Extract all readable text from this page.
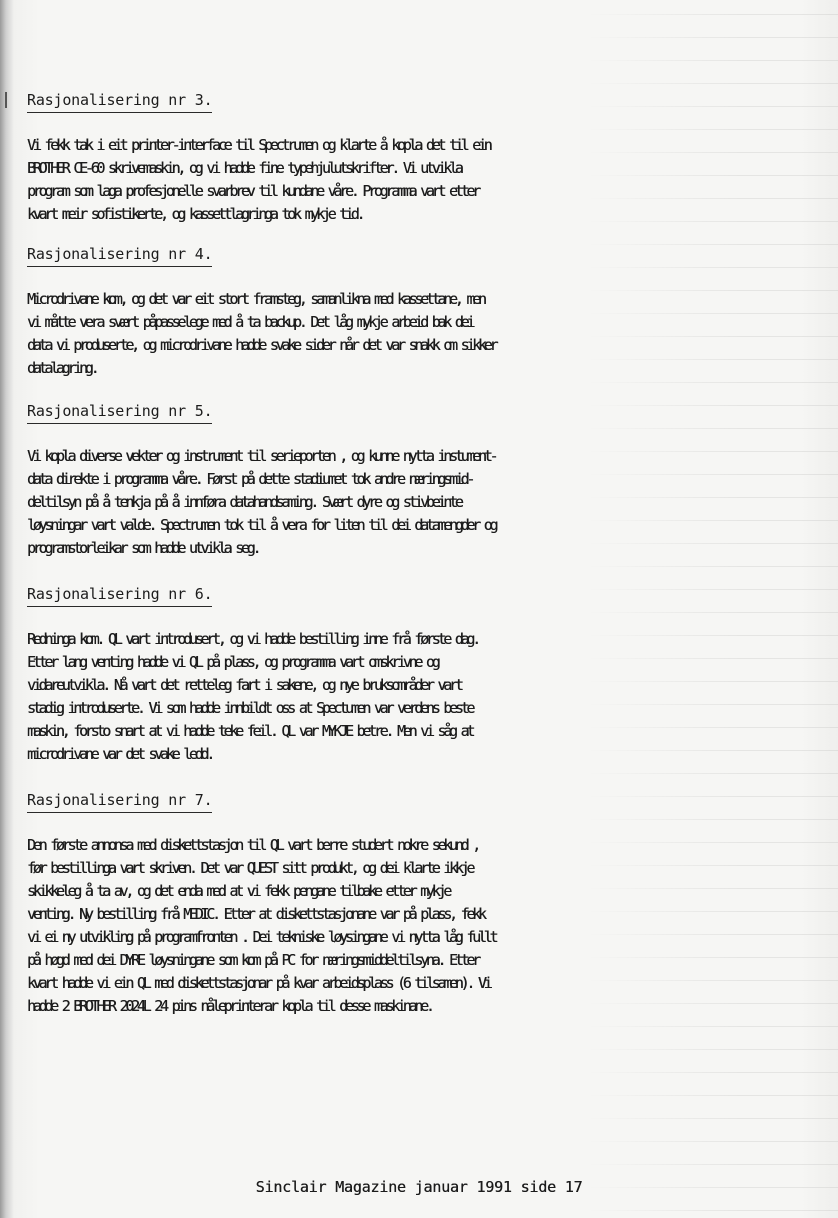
Rasjonalisering nr 3.
Vi fekk tak i eit printer-interface til Spectrumen og klarte å kopla det til ein
BROTHER CE-60 skrivemaskin, og vi hadde fine typehjulutskrifter. Vi utvikla
program som laga profesjonelle svarbrev til kundane våre. Programma vart etter
kvart meir sofistikerte, og kassettlagringa tok mykje tid.
Rasjonalisering nr 4.
Microdrivane kom, og det var eit stort framsteg, samanlikna med kassettane, men
vi måtte vera svært påpasselege med å ta backup. Det låg mykje arbeid bak dei
data vi produserte, og microdrivane hadde svake sider når det var snakk om sikker
datalagring.
Rasjonalisering nr 5.
Vi kopla diverse vekter og instrument til serieporten , og kunne nytta instument-
data direkte i programma våre. Først på dette stadiumet tok andre næringsmid-
deltilsyn på å tenkja på å innføra datahandsaming. Svært dyre og stivbeinte
løysningar vart valde. Spectrumen tok til å vera for liten til dei datamengder og
programstorleikar som hadde utvikla seg.
Rasjonalisering nr 6.
Redninga kom. QL vart introdusert, og vi hadde bestilling inne frå første dag.
Etter lang venting hadde vi QL på plass, og programma vart omskrivne og
vidareutvikla. Nå vart det retteleg fart i sakene, og nye bruksområder vart
stadig introduserte. Vi som hadde innbildt oss at Spectumen var verdens beste
maskin, forsto snart at vi hadde teke feil. QL var MYKJE betre. Men vi såg at
microdrivane var det svake ledd.
Rasjonalisering nr 7.
Den første annonsa med diskettstasjon til QL vart berre studert nokre sekund ,
før bestillinga vart skriven. Det var QUEST sitt produkt, og dei klarte ikkje
skikkeleg å ta av, og det enda med at vi fekk pengane tilbake etter mykje
venting. Ny bestilling frå MEDIC. Etter at diskettstasjonane var på plass, fekk
vi ei ny utvikling på programfronten . Dei tekniske løysingane vi nytta låg fullt
på høgd med dei DYRE løysningane som kom på PC for næringsmiddeltilsyna. Etter
kvart hadde vi ein QL med diskettstasjonar på kvar arbeidsplass (6 tilsamen). Vi
hadde 2 BROTHER 2024L 24 pins nåleprinterar kopla til desse maskinane.
Sinclair Magazine januar 1991 side 17
